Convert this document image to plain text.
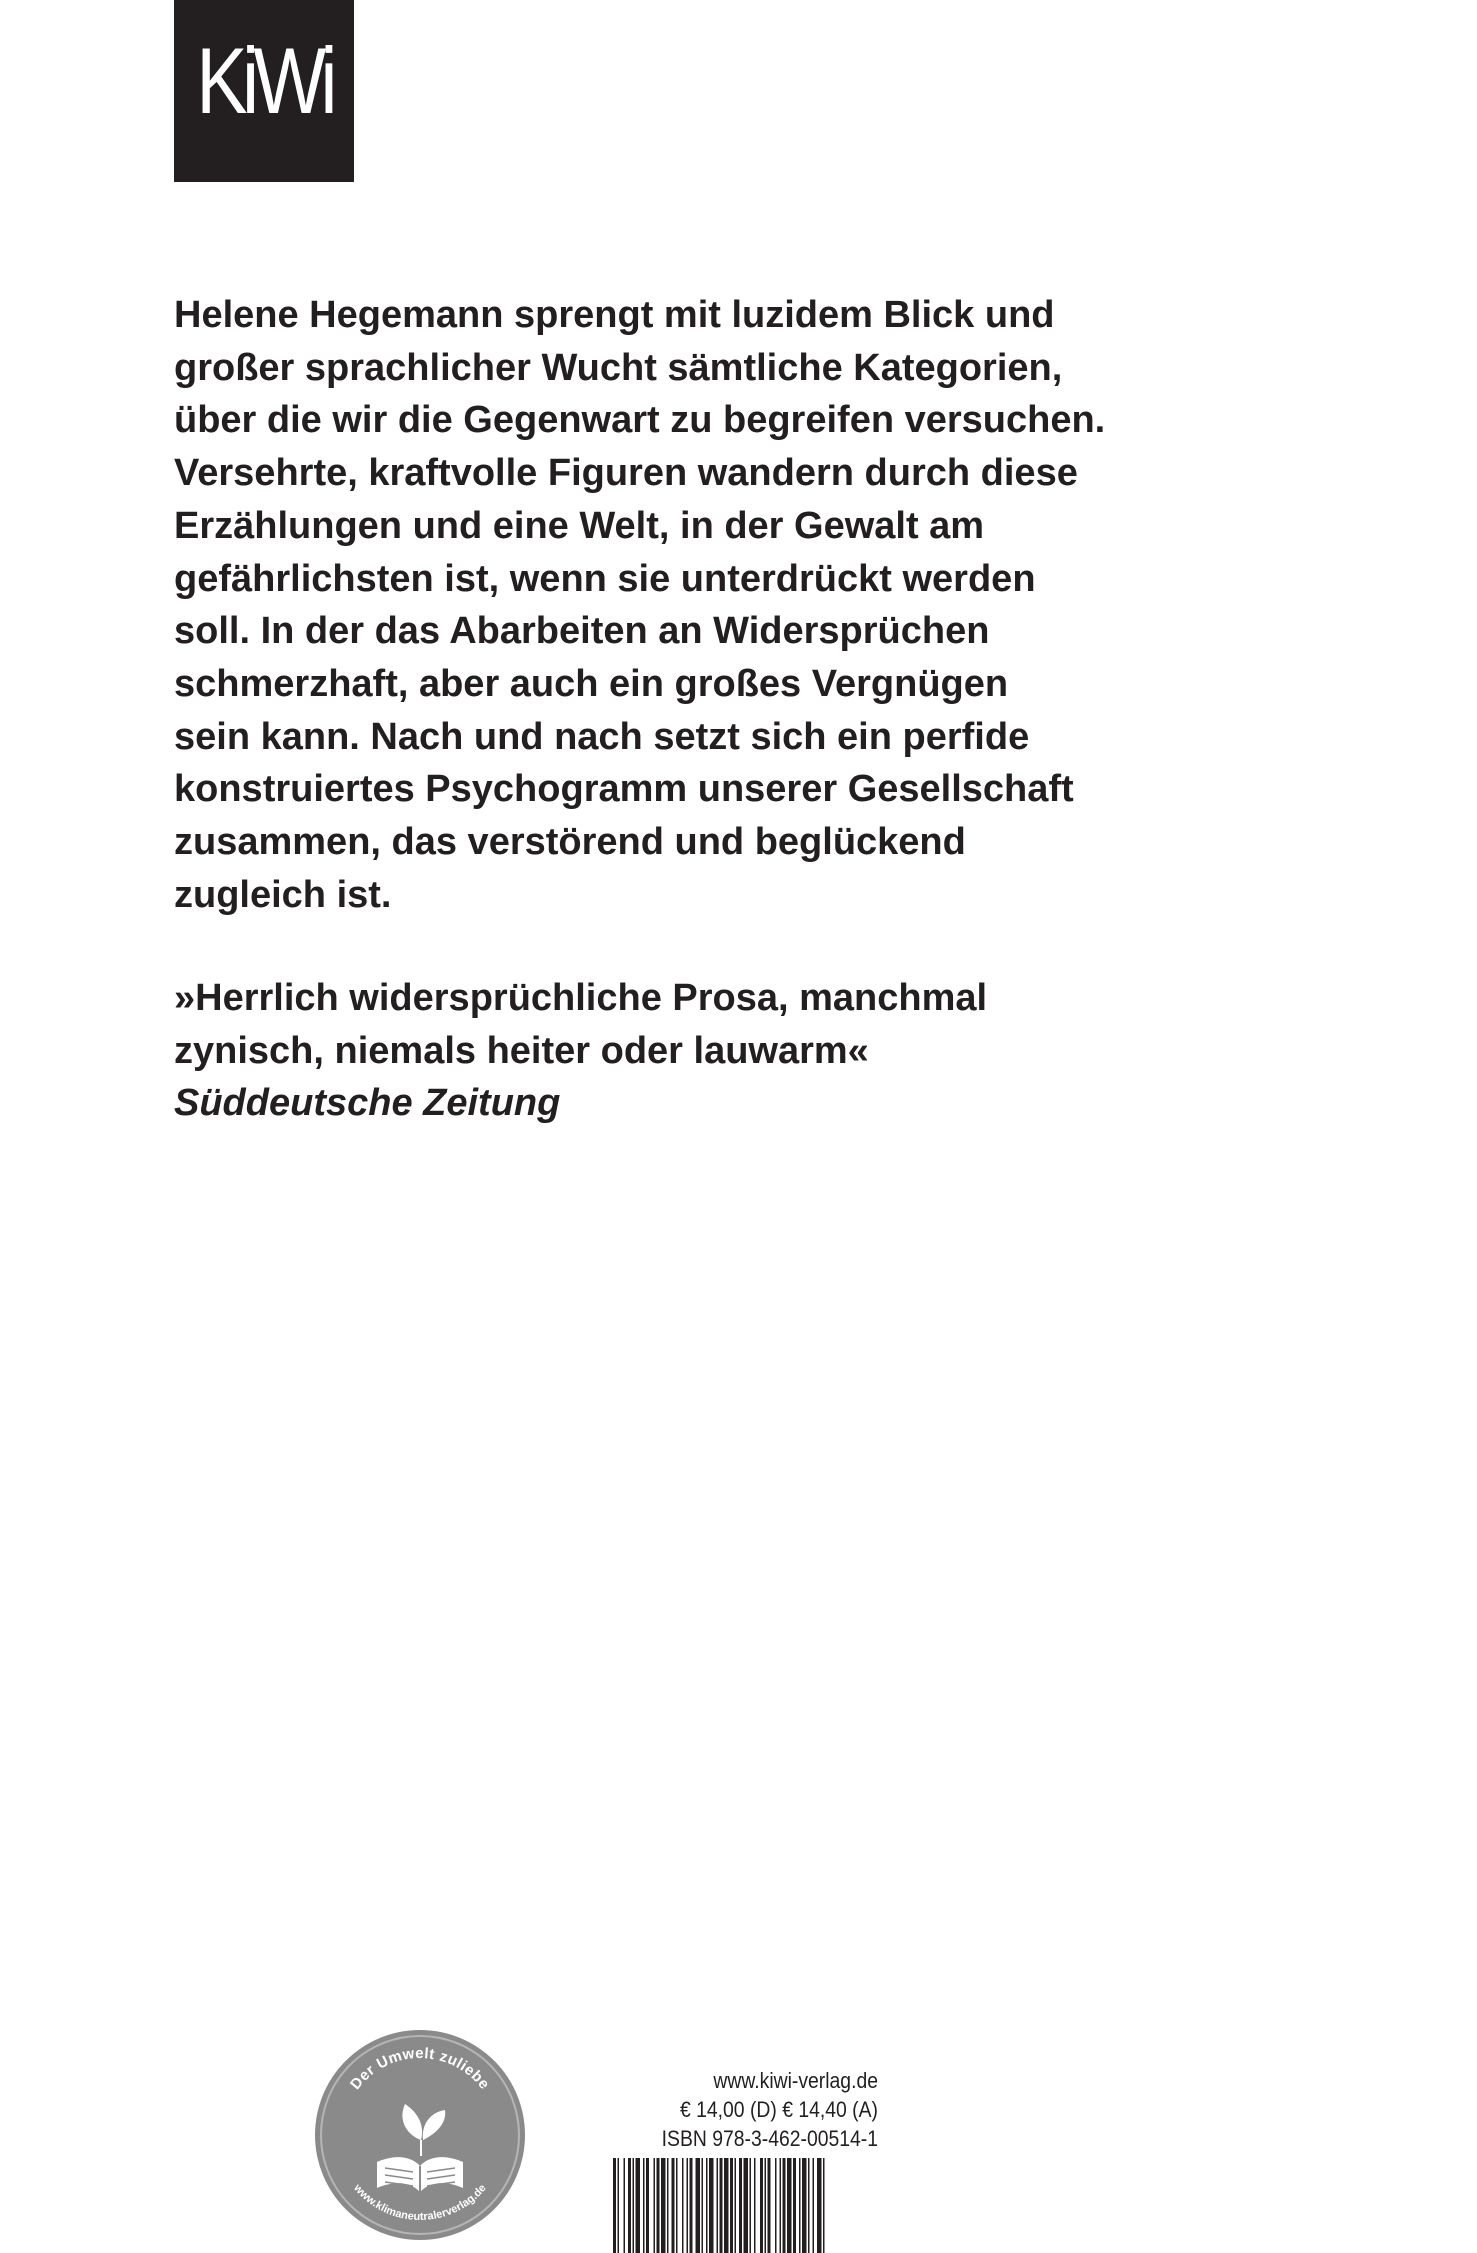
KiWi

Helene Hegemann sprengt mit luzidem Blick und
großer sprachlicher Wucht sämtliche Kategorien,
über die wir die Gegenwart zu begreifen versuchen.
Versehrte, kraftvolle Figuren wandern durch diese
Erzählungen und eine Welt, in der Gewalt am
gefährlichsten ist, wenn sie unterdrückt werden
soll. In der das Abarbeiten an Widersprüchen
schmerzhaft, aber auch ein großes Vergnügen
sein kann. Nach und nach setzt sich ein perfide
konstruiertes Psychogramm unserer Gesellschaft
zusammen, das verstörend und beglückend
zugleich ist.

»Herrlich widersprüchliche Prosa, manchmal
zynisch, niemals heiter oder lauwarm«

Süddeutsche Zeitung

Der Umwelt zuliebe
www.klimaneutralerverlag.de
www.kiwi-verlag.de
€ 14,00 (D) € 14,40 (A)
ISBN 978-3-462-00514-1
